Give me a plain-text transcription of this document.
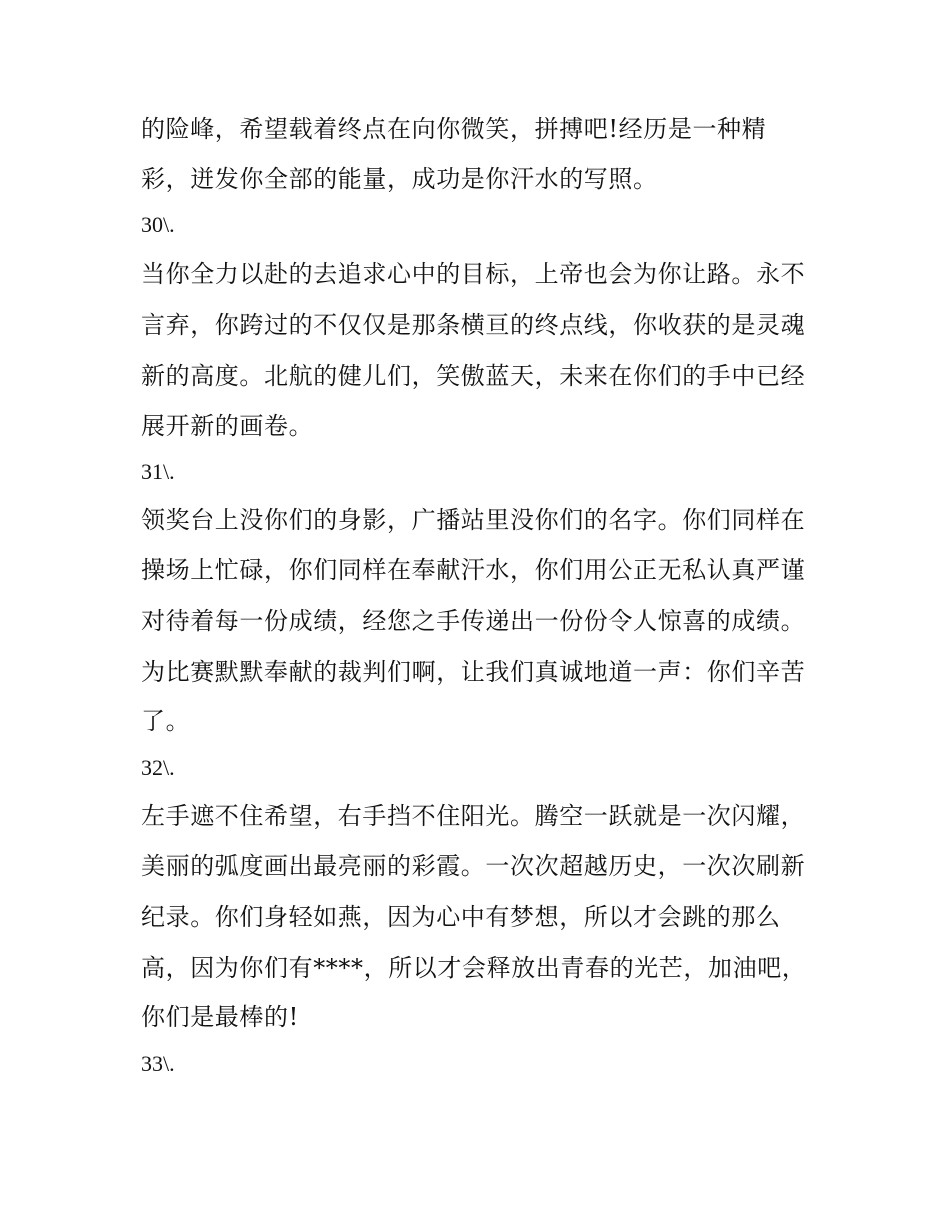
的险峰，希望载着终点在向你微笑，拼搏吧!经历是一种精
彩，迸发你全部的能量，成功是你汗水的写照。
30\.
当你全力以赴的去追求心中的目标，上帝也会为你让路。永不
言弃，你跨过的不仅仅是那条横亘的终点线，你收获的是灵魂
新的高度。北航的健儿们，笑傲蓝天，未来在你们的手中已经
展开新的画卷。
31\.
领奖台上没你们的身影，广播站里没你们的名字。你们同样在
操场上忙碌，你们同样在奉献汗水，你们用公正无私认真严谨
对待着每一份成绩，经您之手传递出一份份令人惊喜的成绩。
为比赛默默奉献的裁判们啊，让我们真诚地道一声：你们辛苦
了。
32\.
左手遮不住希望，右手挡不住阳光。腾空一跃就是一次闪耀，
美丽的弧度画出最亮丽的彩霞。一次次超越历史，一次次刷新
纪录。你们身轻如燕，因为心中有梦想，所以才会跳的那么
高，因为你们有****，所以才会释放出青春的光芒，加油吧，
你们是最棒的!
33\.
